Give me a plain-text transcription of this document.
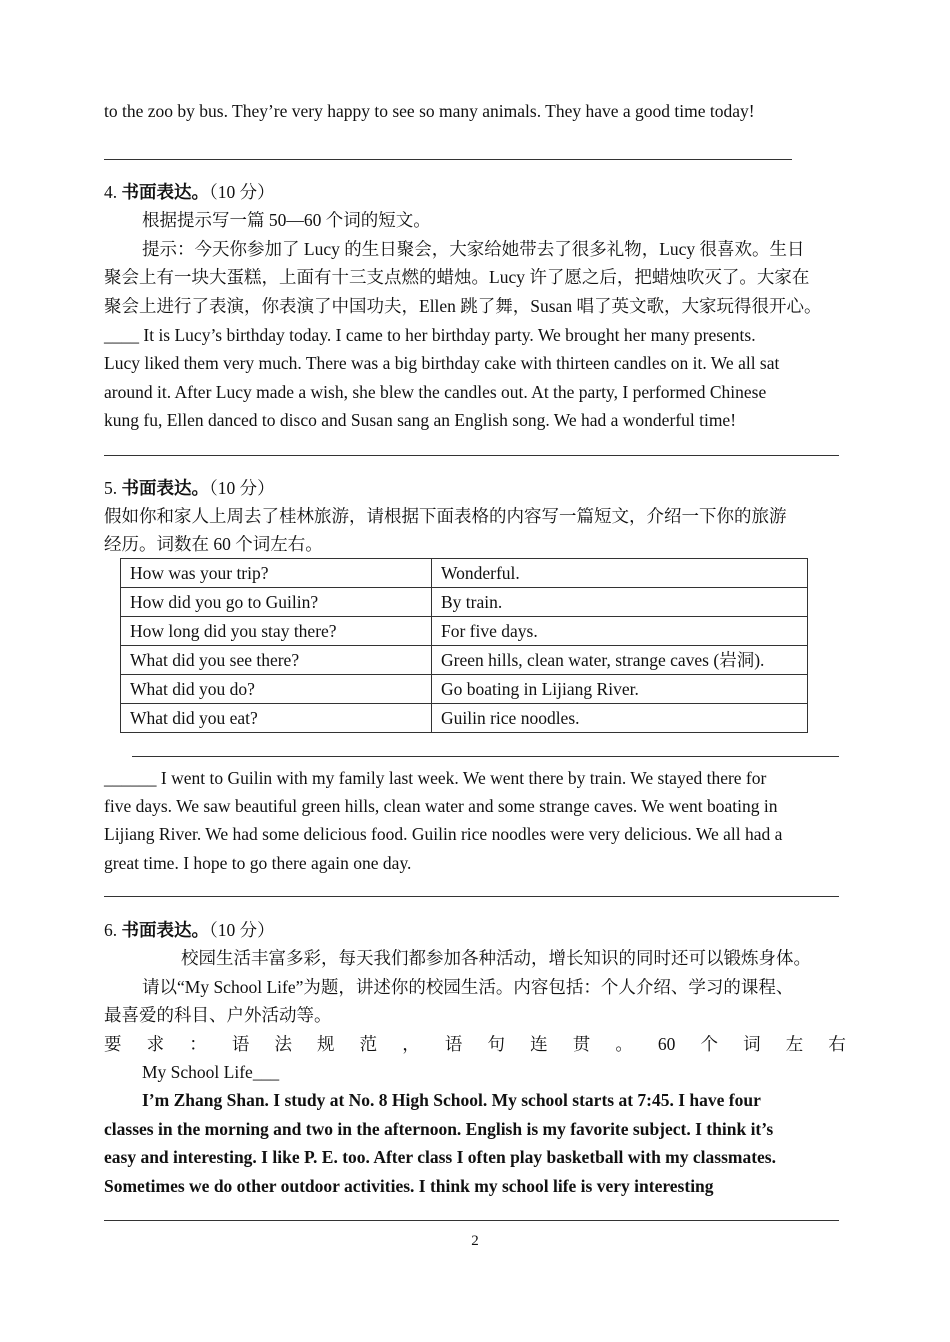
to the zoo by bus. They’re very happy to see so many animals. They have a good time today!
4. 书面表达。（10 分）
根据提示写一篇 50—60 个词的短文。
提示：今天你参加了 Lucy 的生日聚会，大家给她带去了很多礼物，Lucy 很喜欢。生日
聚会上有一块大蛋糕，上面有十三支点燃的蜡烛。Lucy 许了愿之后，把蜡烛吹灭了。大家在
聚会上进行了表演，你表演了中国功夫，Ellen 跳了舞，Susan 唱了英文歌，大家玩得很开心。
____ It is Lucy’s birthday today. I came to her birthday party. We brought her many presents.
Lucy liked them very much. There was a big birthday cake with thirteen candles on it. We all sat
around it. After Lucy made a wish, she blew the candles out. At the party, I performed Chinese
kung fu, Ellen danced to disco and Susan sang an English song. We had a wonderful time!
5. 书面表达。（10 分）
假如你和家人上周去了桂林旅游，请根据下面表格的内容写一篇短文，介绍一下你的旅游
经历。词数在 60 个词左右。
How was your trip?	Wonderful.
How did you go to Guilin?	By train.
How long did you stay there?	For five days.
What did you see there?	Green hills, clean water, strange caves (岩洞).
What did you do?	Go boating in Lijiang River.
What did you eat?	Guilin rice noodles.
______ I went to Guilin with my family last week. We went there by train. We stayed there for
five days. We saw beautiful green hills, clean water and some strange caves. We went boating in
Lijiang River. We had some delicious food. Guilin rice noodles were very delicious. We all had a
great time. I hope to go there again one day.
6. 书面表达。（10 分）
校园生活丰富多彩，每天我们都参加各种活动，增长知识的同时还可以锻炼身体。
请以“My School Life”为题，讲述你的校园生活。内容包括：个人介绍、学习的课程、
最喜爱的科目、户外活动等。
要 求 ： 语 法 规 范 ， 语 句 连 贯 。 60 个 词 左 右
My School Life___
I’m Zhang Shan. I study at No. 8 High School. My school starts at 7:45. I have four
classes in the morning and two in the afternoon. English is my favorite subject. I think it’s
easy and interesting. I like P. E. too. After class I often play basketball with my classmates.
Sometimes we do other outdoor activities. I think my school life is very interesting
2
